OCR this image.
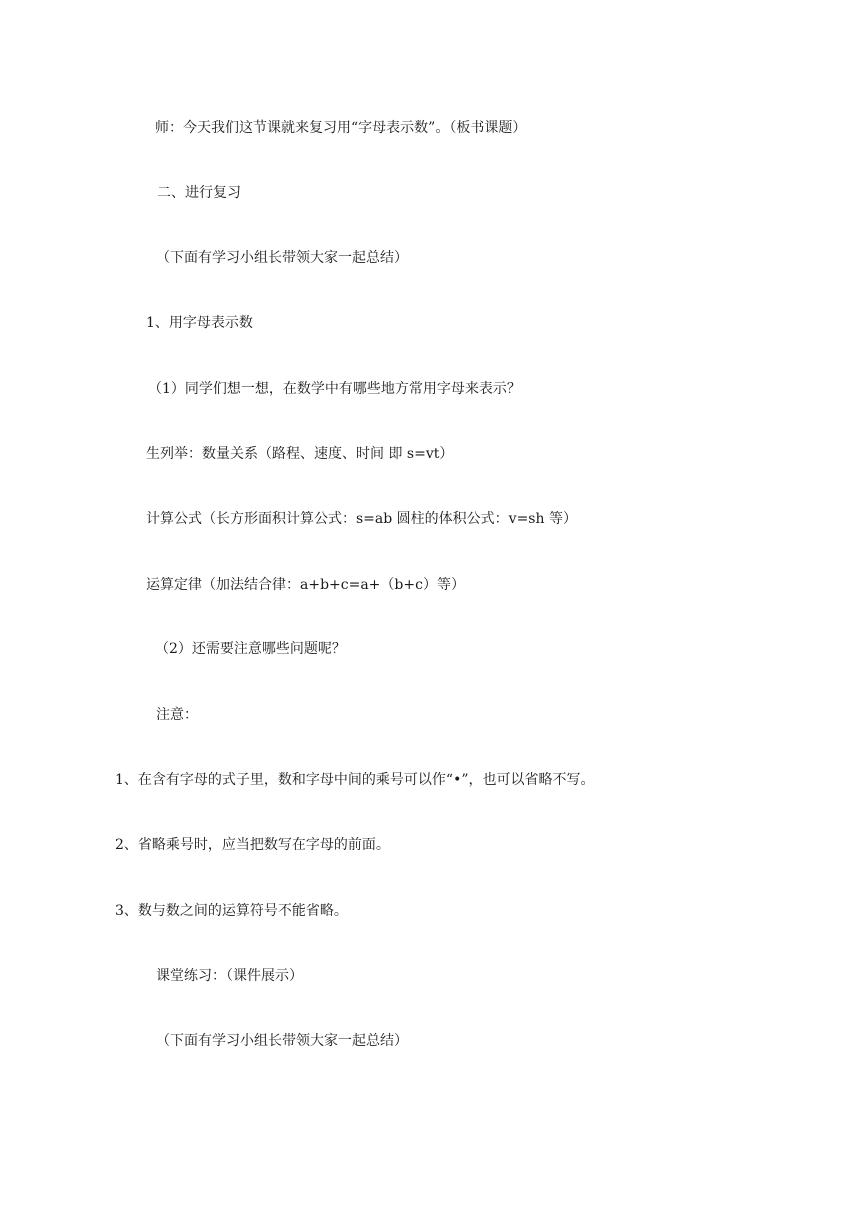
师：今天我们这节课就来复习用“字母表示数”。（板书课题）
二、进行复习
（下面有学习小组长带领大家一起总结）
1、用字母表示数
（1）同学们想一想，在数学中有哪些地方常用字母来表示？
生列举：数量关系（路程、速度、时间 即 s=vt）
计算公式（长方形面积计算公式：s=ab 圆柱的体积公式：v=sh 等）
运算定律（加法结合律：a+b+c=a+（b+c）等）
（2）还需要注意哪些问题呢？
注意：
1、在含有字母的式子里，数和字母中间的乘号可以作“•”，也可以省略不写。
2、省略乘号时，应当把数写在字母的前面。
3、数与数之间的运算符号不能省略。
课堂练习：（课件展示）
（下面有学习小组长带领大家一起总结）
